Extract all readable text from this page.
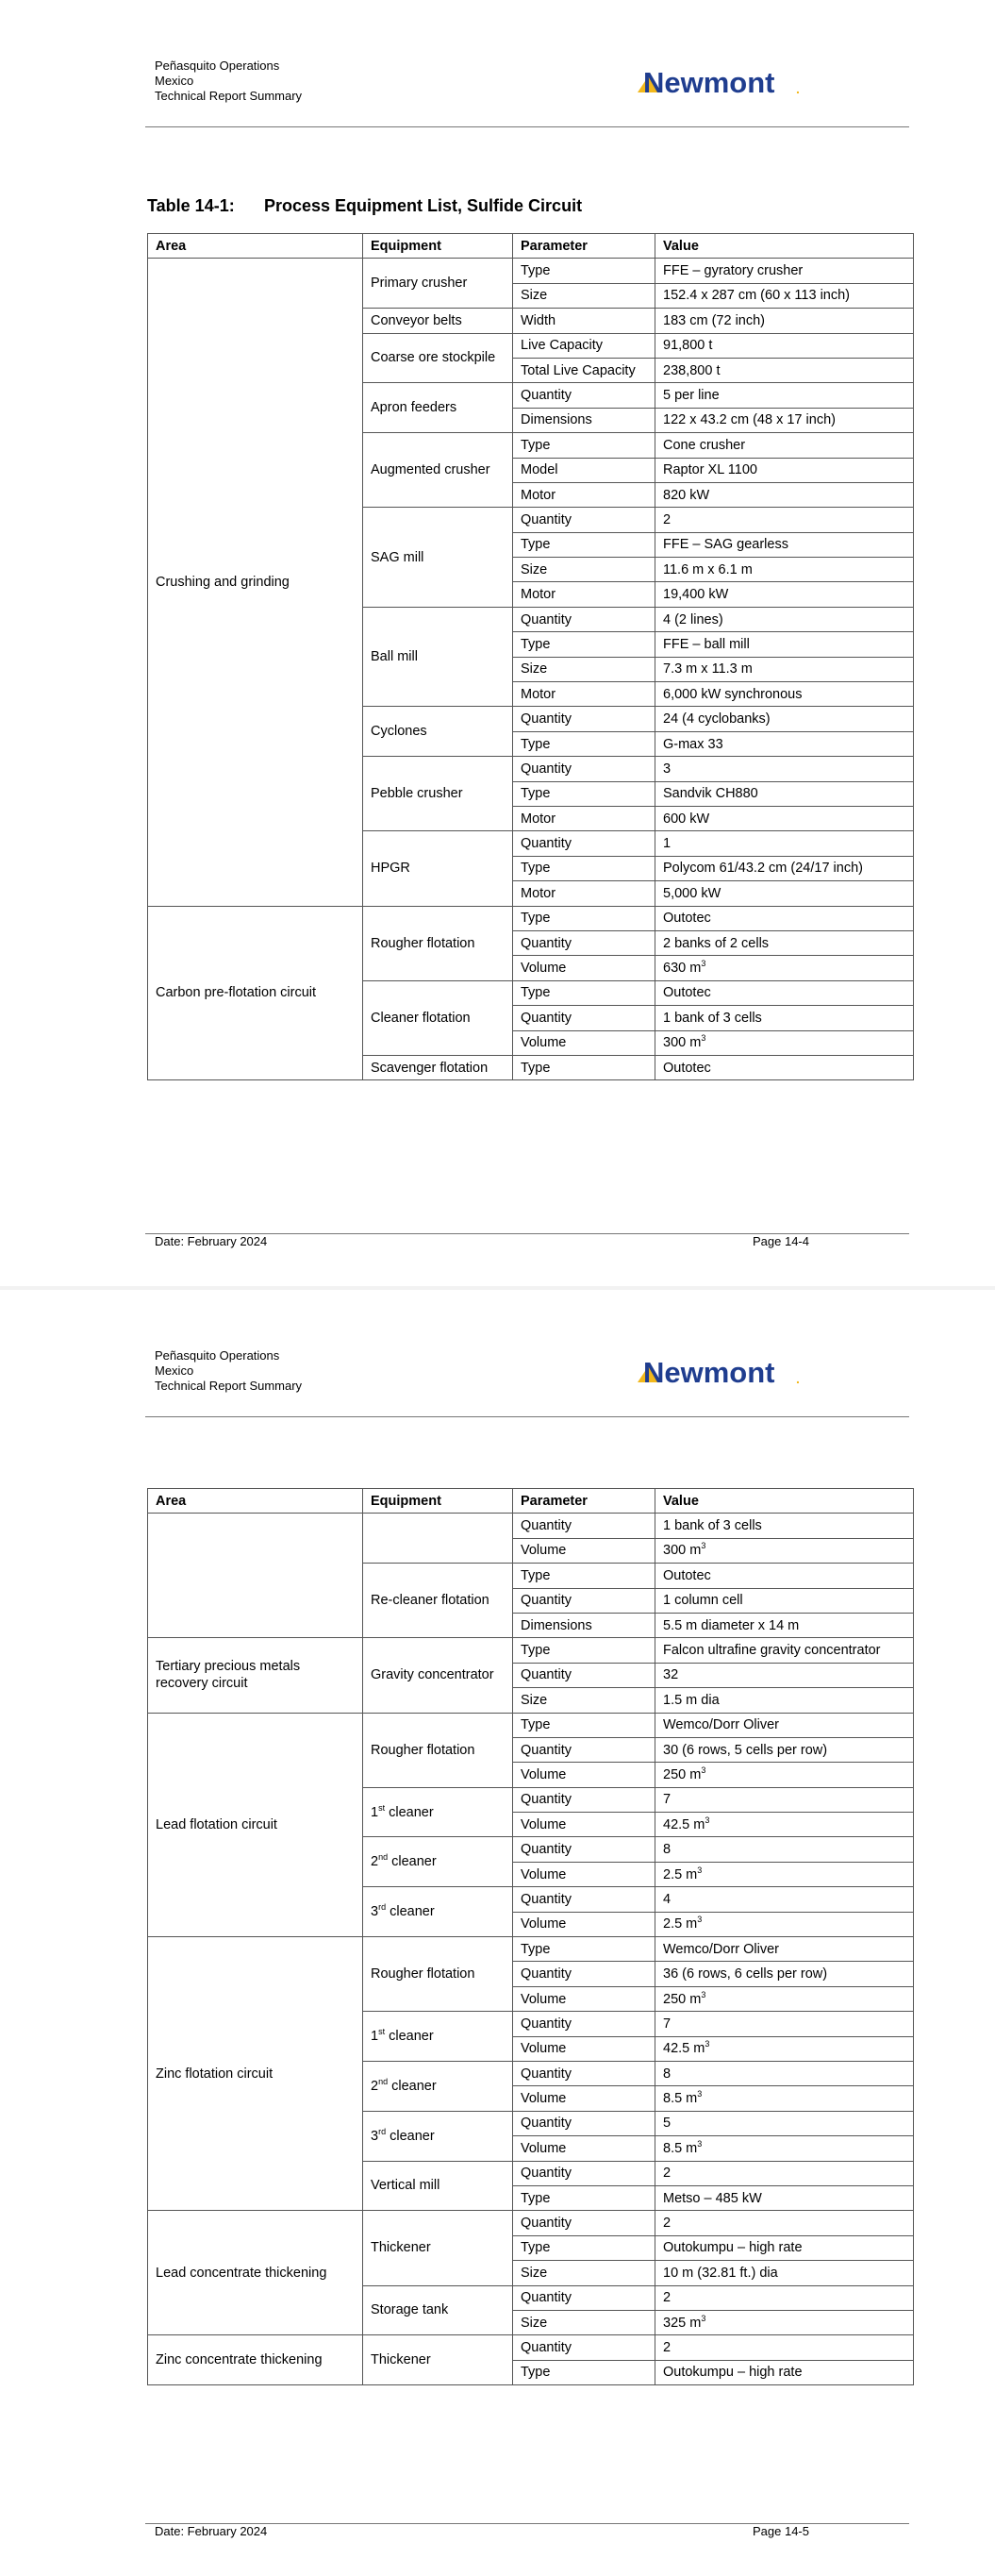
Peñasquito Operations
Mexico
Technical Report Summary	Newmont .
Table 14-1: Process Equipment List, Sulfide Circuit
Area	Equipment	Parameter	Value
Crushing and grinding	Primary crusher	Type	FFE – gyratory crusher
		Size	152.4 x 287 cm (60 x 113 inch)
	Conveyor belts	Width	183 cm (72 inch)
	Coarse ore stockpile	Live Capacity	91,800 t
		Total Live Capacity	238,800 t
	Apron feeders	Quantity	5 per line
		Dimensions	122 x 43.2 cm (48 x 17 inch)
	Augmented crusher	Type	Cone crusher
		Model	Raptor XL 1100
		Motor	820 kW
	SAG mill	Quantity	2
		Type	FFE – SAG gearless
		Size	11.6 m x 6.1 m
		Motor	19,400 kW
	Ball mill	Quantity	4 (2 lines)
		Type	FFE – ball mill
		Size	7.3 m x 11.3 m
		Motor	6,000 kW synchronous
	Cyclones	Quantity	24 (4 cyclobanks)
		Type	G-max 33
	Pebble crusher	Quantity	3
		Type	Sandvik CH880
		Motor	600 kW
	HPGR	Quantity	1
		Type	Polycom 61/43.2 cm (24/17 inch)
		Motor	5,000 kW
Carbon pre-flotation circuit	Rougher flotation	Type	Outotec
		Quantity	2 banks of 2 cells
		Volume	630 $m^3$
	Cleaner flotation	Type	Outotec
		Quantity	1 bank of 3 cells
		Volume	300 $m^3$
	Scavenger flotation	Type	Outotec
Date: February 2024	Page 14-4
Peñasquito Operations
Mexico
Technical Report Summary	Newmont .
Area	Equipment	Parameter	Value
		Quantity	1 bank of 3 cells
		Volume	300 $m^3$
	Re-cleaner flotation	Type	Outotec
		Quantity	1 column cell
		Dimensions	5.5 m diameter x 14 m
Tertiary precious metals recovery circuit	Gravity concentrator	Type	Falcon ultrafine gravity concentrator
		Quantity	32
		Size	1.5 m dia
Lead flotation circuit	Rougher flotation	Type	Wemco/Dorr Oliver
		Quantity	30 (6 rows, 5 cells per row)
		Volume	250 $m^3$
	1st cleaner	Quantity	7
		Volume	42.5 $m^3$
	2nd cleaner	Quantity	8
		Volume	2.5 $m^3$
	3rd cleaner	Quantity	4
		Volume	2.5 $m^3$
Zinc flotation circuit	Rougher flotation	Type	Wemco/Dorr Oliver
		Quantity	36 (6 rows, 6 cells per row)
		Volume	250 $m^3$
	1st cleaner	Quantity	7
		Volume	42.5 $m^3$
	2nd cleaner	Quantity	8
		Volume	8.5 $m^3$
	3rd cleaner	Quantity	5
		Volume	8.5 $m^3$
	Vertical mill	Quantity	2
		Type	Metso – 485 kW
Lead concentrate thickening	Thickener	Quantity	2
		Type	Outokumpu – high rate
		Size	10 m (32.81 ft.) dia
	Storage tank	Quantity	2
		Size	325 $m^3$
Zinc concentrate thickening	Thickener	Quantity	2
		Type	Outokumpu – high rate
Date: February 2024	Page 14-5
